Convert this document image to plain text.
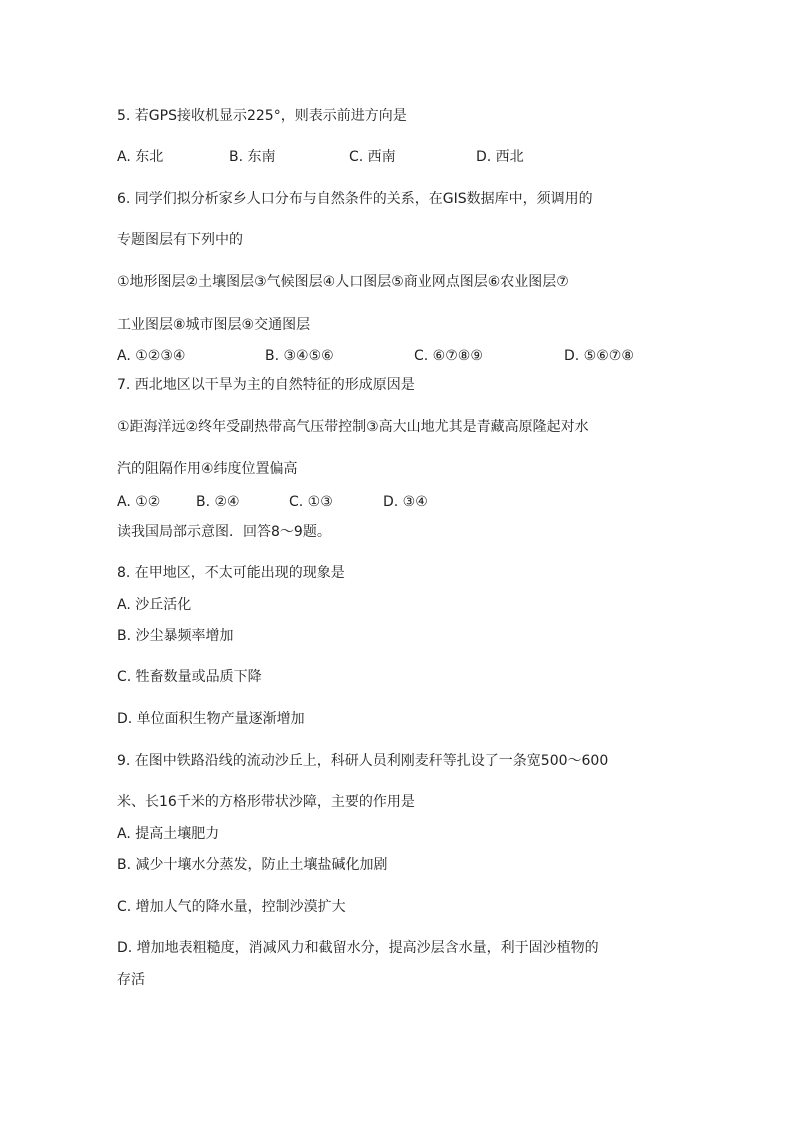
5. 若GPS接收机显示225°，则表示前进方向是
A. 东北	B. 东南	C. 西南	D. 西北
6. 同学们拟分析家乡人口分布与自然条件的关系，在GIS数据库中，须调用的
专题图层有下列中的
①地形图层②土壤图层③气候图层④人口图层⑤商业网点图层⑥农业图层⑦
工业图层⑧城市图层⑨交通图层
A. ①②③④	B. ③④⑤⑥	C. ⑥⑦⑧⑨	D. ⑤⑥⑦⑧
7. 西北地区以干旱为主的自然特征的形成原因是
①距海洋远②终年受副热带高气压带控制③高大山地尤其是青藏高原隆起对水
汽的阻隔作用④纬度位置偏高
A. ①②	B. ②④	C. ①③	D. ③④
读我国局部示意图．回答8～9题。
8. 在甲地区，不太可能出现的现象是
A. 沙丘活化
B. 沙尘暴频率增加
C. 牲畜数量或品质下降
D. 单位面积生物产量逐渐增加
9. 在图中铁路沿线的流动沙丘上，科研人员利刚麦秆等扎设了一条宽500～600
米、长16千米的方格形带状沙障，主要的作用是
A. 提高土壤肥力
B. 减少十壤水分蒸发，防止土壤盐碱化加剧
C. 增加人气的降水量，控制沙漠扩大
D. 增加地表粗糙度，消减风力和截留水分，提高沙层含水量，利于固沙植物的
存活
